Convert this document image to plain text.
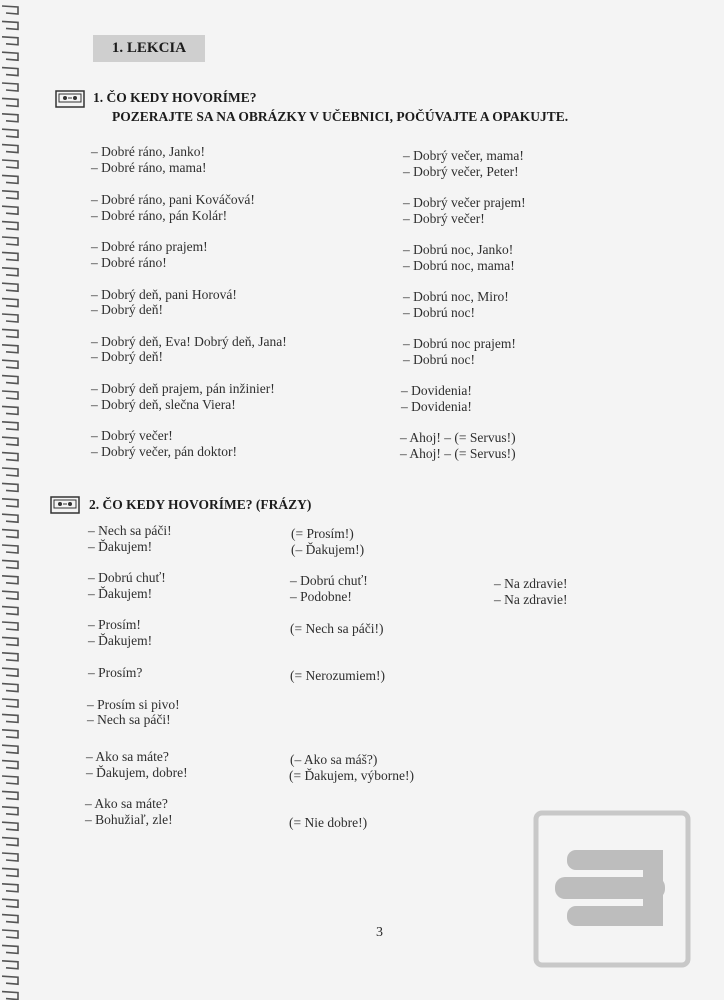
1. LEKCIA
1. ČO KEDY HOVORÍME?
POZERAJTE SA NA OBRÁZKY V UČEBNICI, POČÚVAJTE A OPAKUJTE.
– Dobré ráno, Janko!
– Dobré ráno, mama!
– Dobré ráno, pani Kováčová!
– Dobré ráno, pán Kolár!
– Dobré ráno prajem!
– Dobré ráno!
– Dobrý deň, pani Horová!
– Dobrý deň!
– Dobrý deň, Eva! Dobrý deň, Jana!
– Dobrý deň!
– Dobrý deň prajem, pán inžinier!
– Dobrý deň, slečna Viera!
– Dobrý večer!
– Dobrý večer, pán doktor!
– Dobrý večer, mama!
– Dobrý večer, Peter!
– Dobrý večer prajem!
– Dobrý večer!
– Dobrú noc, Janko!
– Dobrú noc, mama!
– Dobrú noc, Miro!
– Dobrú noc!
– Dobrú noc prajem!
– Dobrú noc!
– Dovidenia!
– Dovidenia!
– Ahoj! – (= Servus!)
– Ahoj! – (= Servus!)
2. ČO KEDY HOVORÍME? (FRÁZY)
– Nech sa páči!
– Ďakujem!
– Dobrú chuť!
– Ďakujem!
– Prosím!
– Ďakujem!
– Prosím?
– Prosím si pivo!
– Nech sa páči!
– Ako sa máte?
– Ďakujem, dobre!
– Ako sa máte?
– Bohužiaľ, zle!
(= Prosím!)
(– Ďakujem!)
– Dobrú chuť!
– Podobne!
(= Nech sa páči!)
(= Nerozumiem!)
(– Ako sa máš?)
(= Ďakujem, výborne!)
(= Nie dobre!)
– Na zdravie!
– Na zdravie!
3
